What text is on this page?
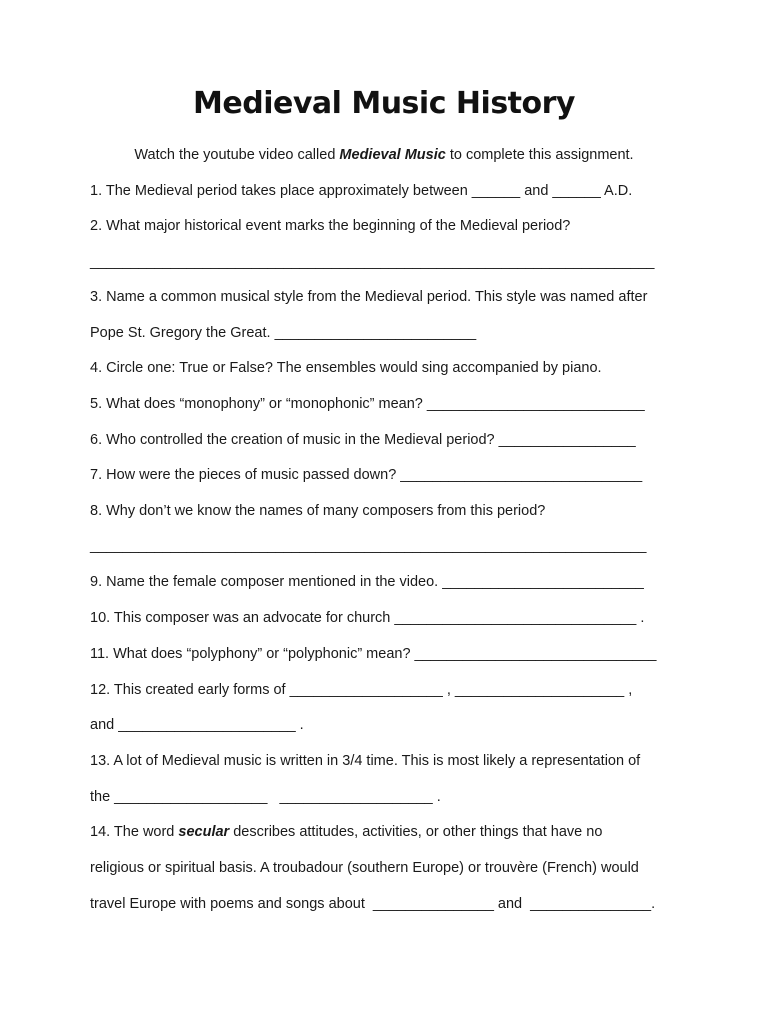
Medieval Music History
Watch the youtube video called Medieval Music to complete this assignment.
1. The Medieval period takes place approximately between ______ and ______ A.D.
2. What major historical event marks the beginning of the Medieval period?
______________________________________________________________________
3. Name a common musical style from the Medieval period. This style was named after
Pope St. Gregory the Great. _________________________
4. Circle one: True or False? The ensembles would sing accompanied by piano.
5. What does “monophony” or “monophonic” mean? ___________________________
6. Who controlled the creation of music in the Medieval period? _________________
7. How were the pieces of music passed down? ______________________________
8. Why don’t we know the names of many composers from this period?
_____________________________________________________________________
9. Name the female composer mentioned in the video. _________________________
10. This composer was an advocate for church ______________________________ .
11. What does “polyphony” or “polyphonic” mean? ______________________________
12. This created early forms of ___________________ , _____________________ ,
and ______________________ .
13. A lot of Medieval music is written in 3/4 time. This is most likely a representation of
the ___________________   ___________________ .
14. The word secular describes attitudes, activities, or other things that have no
religious or spiritual basis. A troubadour (southern Europe) or trouvère (French) would
travel Europe with poems and songs about  _______________ and  _______________.
